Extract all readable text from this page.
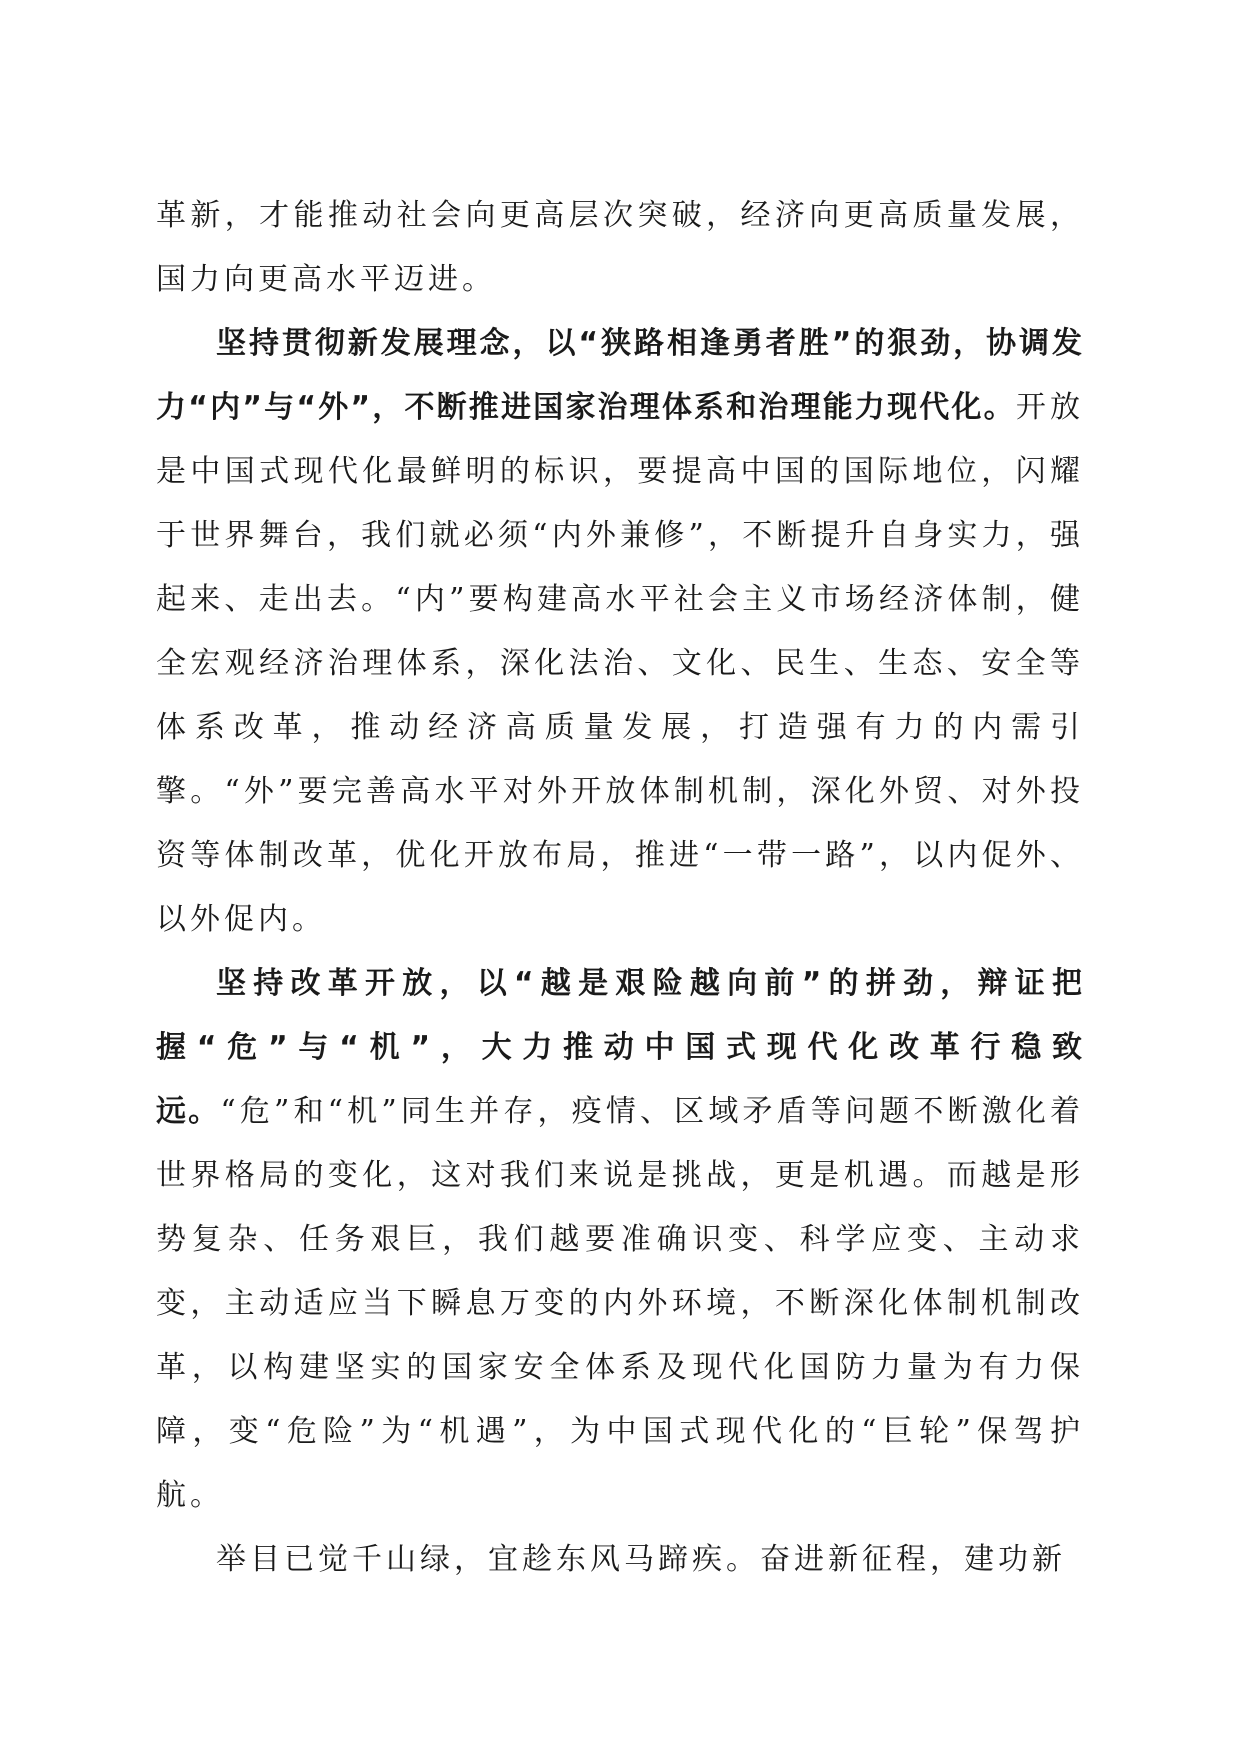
革新，才能推动社会向更高层次突破，经济向更高质量发展，国力向更高水平迈进。

坚持贯彻新发展理念，以“狭路相逢勇者胜”的狠劲，协调发力“内”与“外”，不断推进国家治理体系和治理能力现代化。开放是中国式现代化最鲜明的标识，要提高中国的国际地位，闪耀于世界舞台，我们就必须“内外兼修”，不断提升自身实力，强起来、走出去。“内”要构建高水平社会主义市场经济体制，健全宏观经济治理体系，深化法治、文化、民生、生态、安全等体系改革，推动经济高质量发展，打造强有力的内需引擎。“外”要完善高水平对外开放体制机制，深化外贸、对外投资等体制改革，优化开放布局，推进“一带一路”，以内促外、以外促内。

坚持改革开放，以“越是艰险越向前”的拼劲，辩证把握“危”与“机”，大力推动中国式现代化改革行稳致远。“危”和“机”同生并存，疫情、区域矛盾等问题不断激化着世界格局的变化，这对我们来说是挑战，更是机遇。而越是形势复杂、任务艰巨，我们越要准确识变、科学应变、主动求变，主动适应当下瞬息万变的内外环境，不断深化体制机制改革，以构建坚实的国家安全体系及现代化国防力量为有力保障，变“危险”为“机遇”，为中国式现代化的“巨轮”保驾护航。

举目已觉千山绿，宜趁东风马蹄疾。奋进新征程，建功新
